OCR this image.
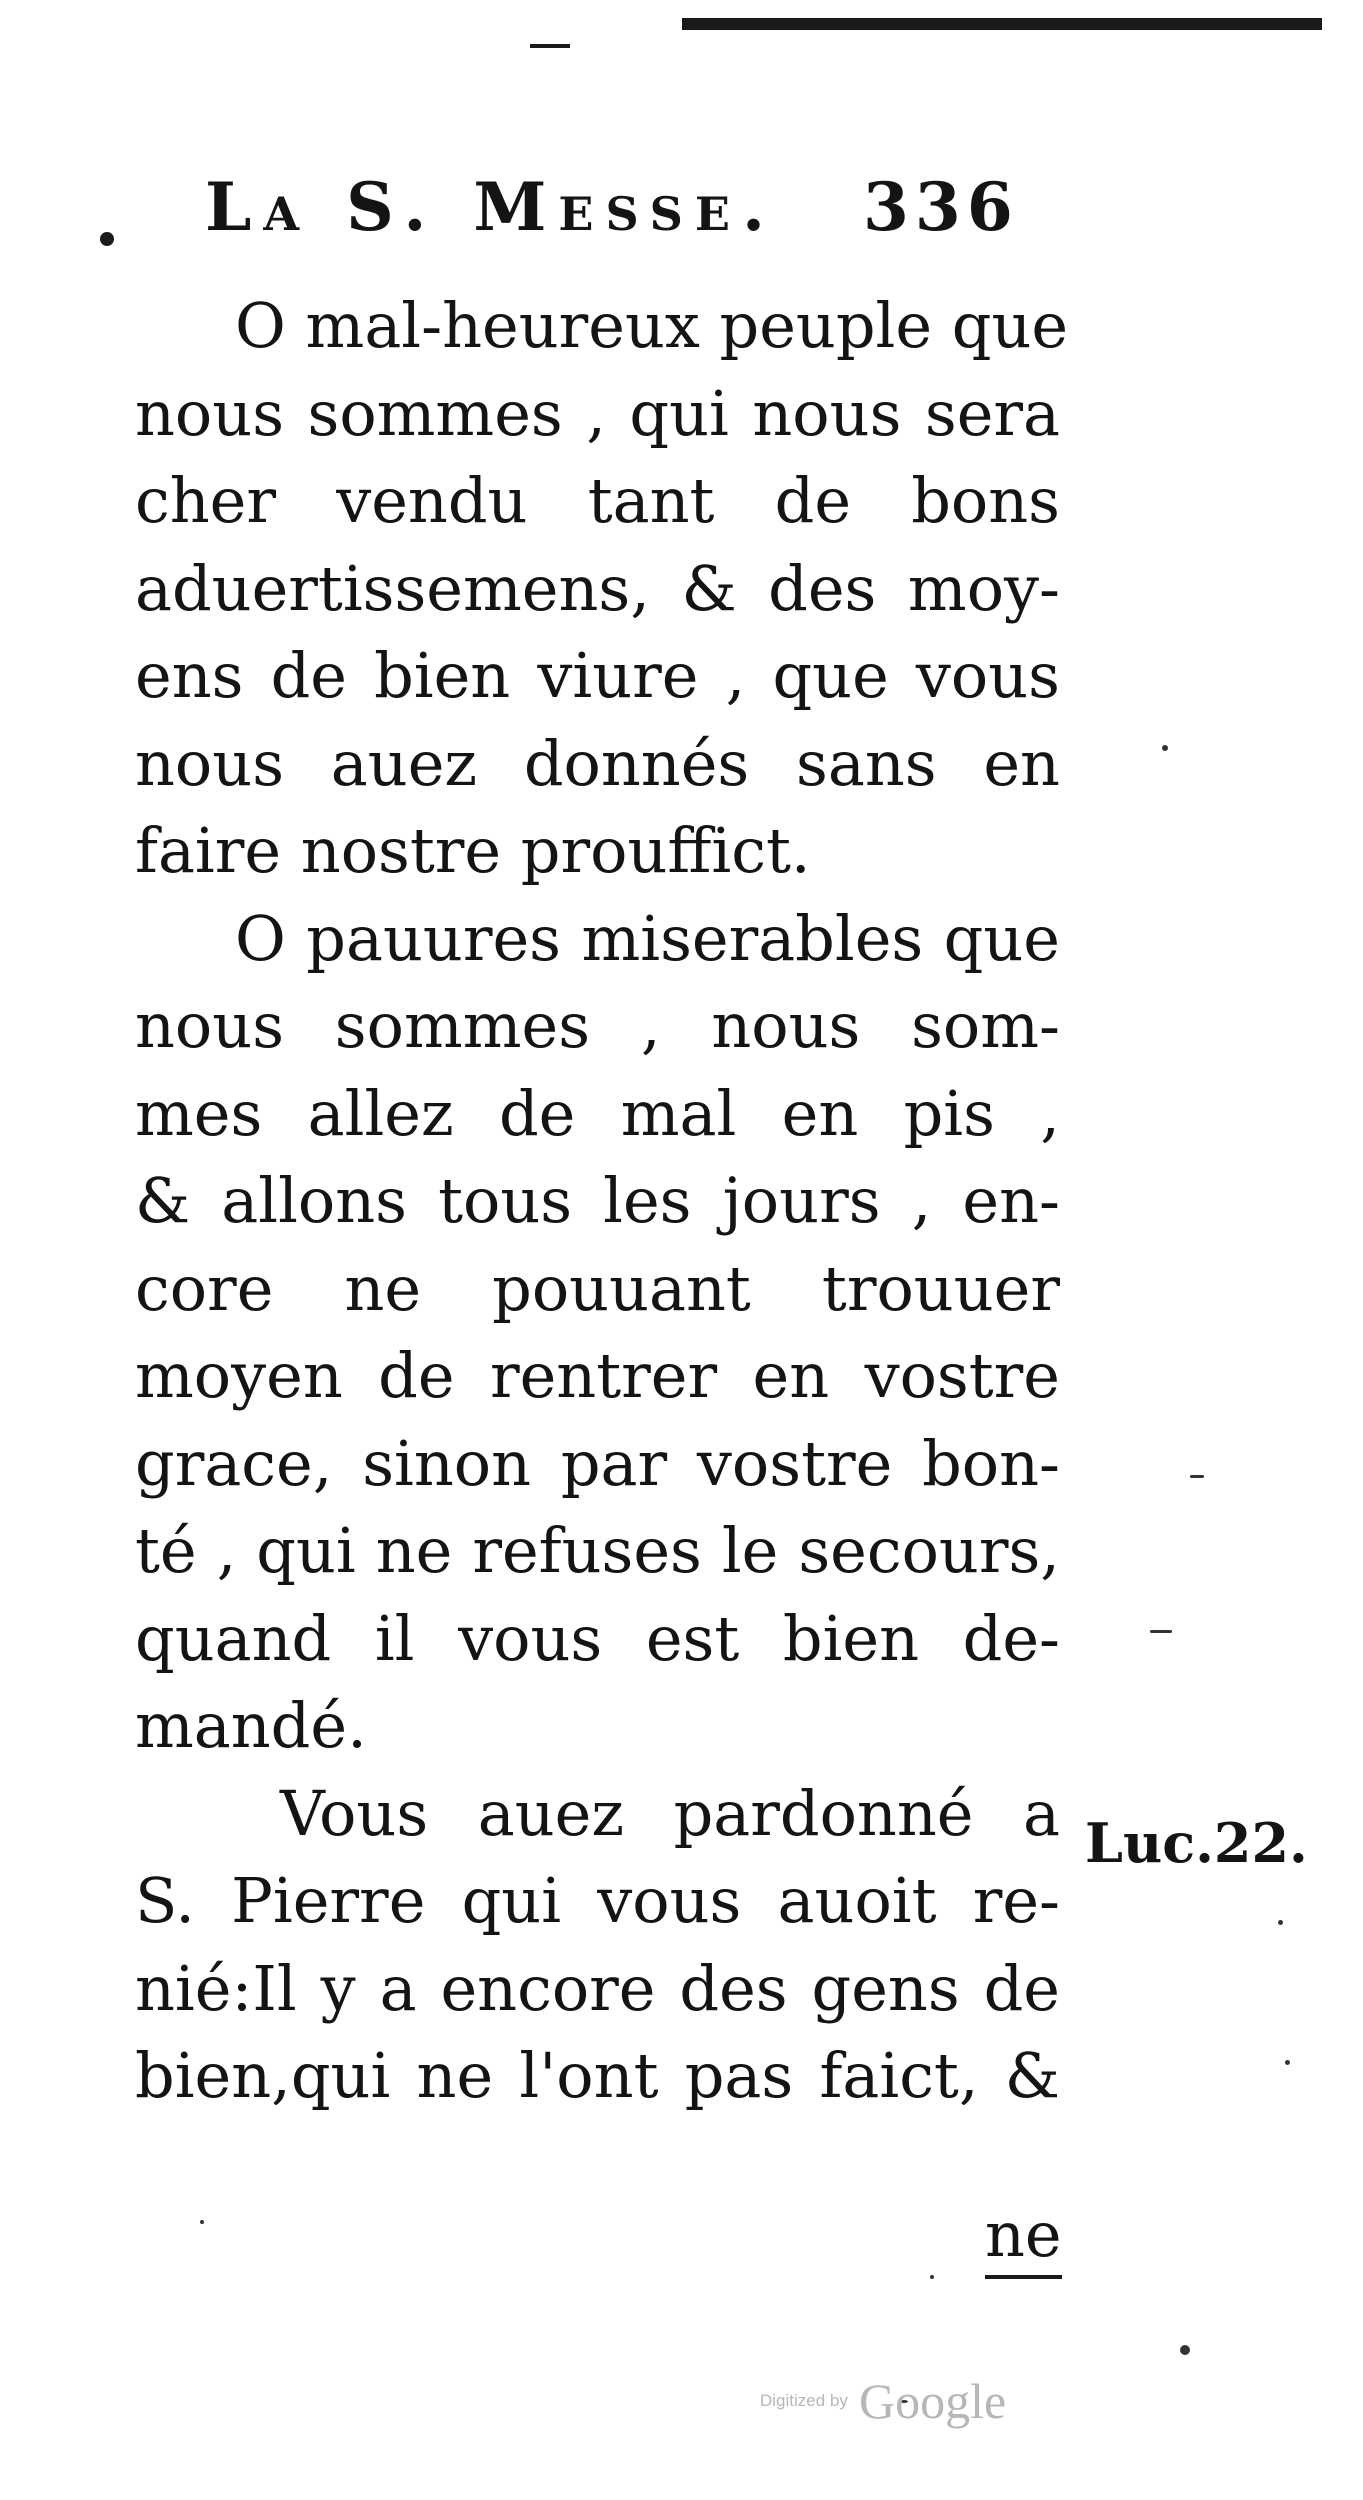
La S. Messe. 336
O mal-heureux peuple que
nous sommes , qui nous sera
cher vendu tant de bons
aduertissemens, & des moy-
ens de bien viure , que vous
nous auez donnés sans en
faire nostre prouffict.
O pauures miserables que
nous sommes , nous som-
mes allez de mal en pis ,
& allons tous les jours , en-
core ne pouuant trouuer
moyen de rentrer en vostre
grace, sinon par vostre bon-
té , qui ne refuses le secours,
quand il vous est bien de-
mandé.
Vous auez pardonné a
S. Pierre qui vous auoit re-
nié:Il y a encore des gens de
bien,qui ne l'ont pas faict, &
Luc.22.
ne
Digitized by Google
